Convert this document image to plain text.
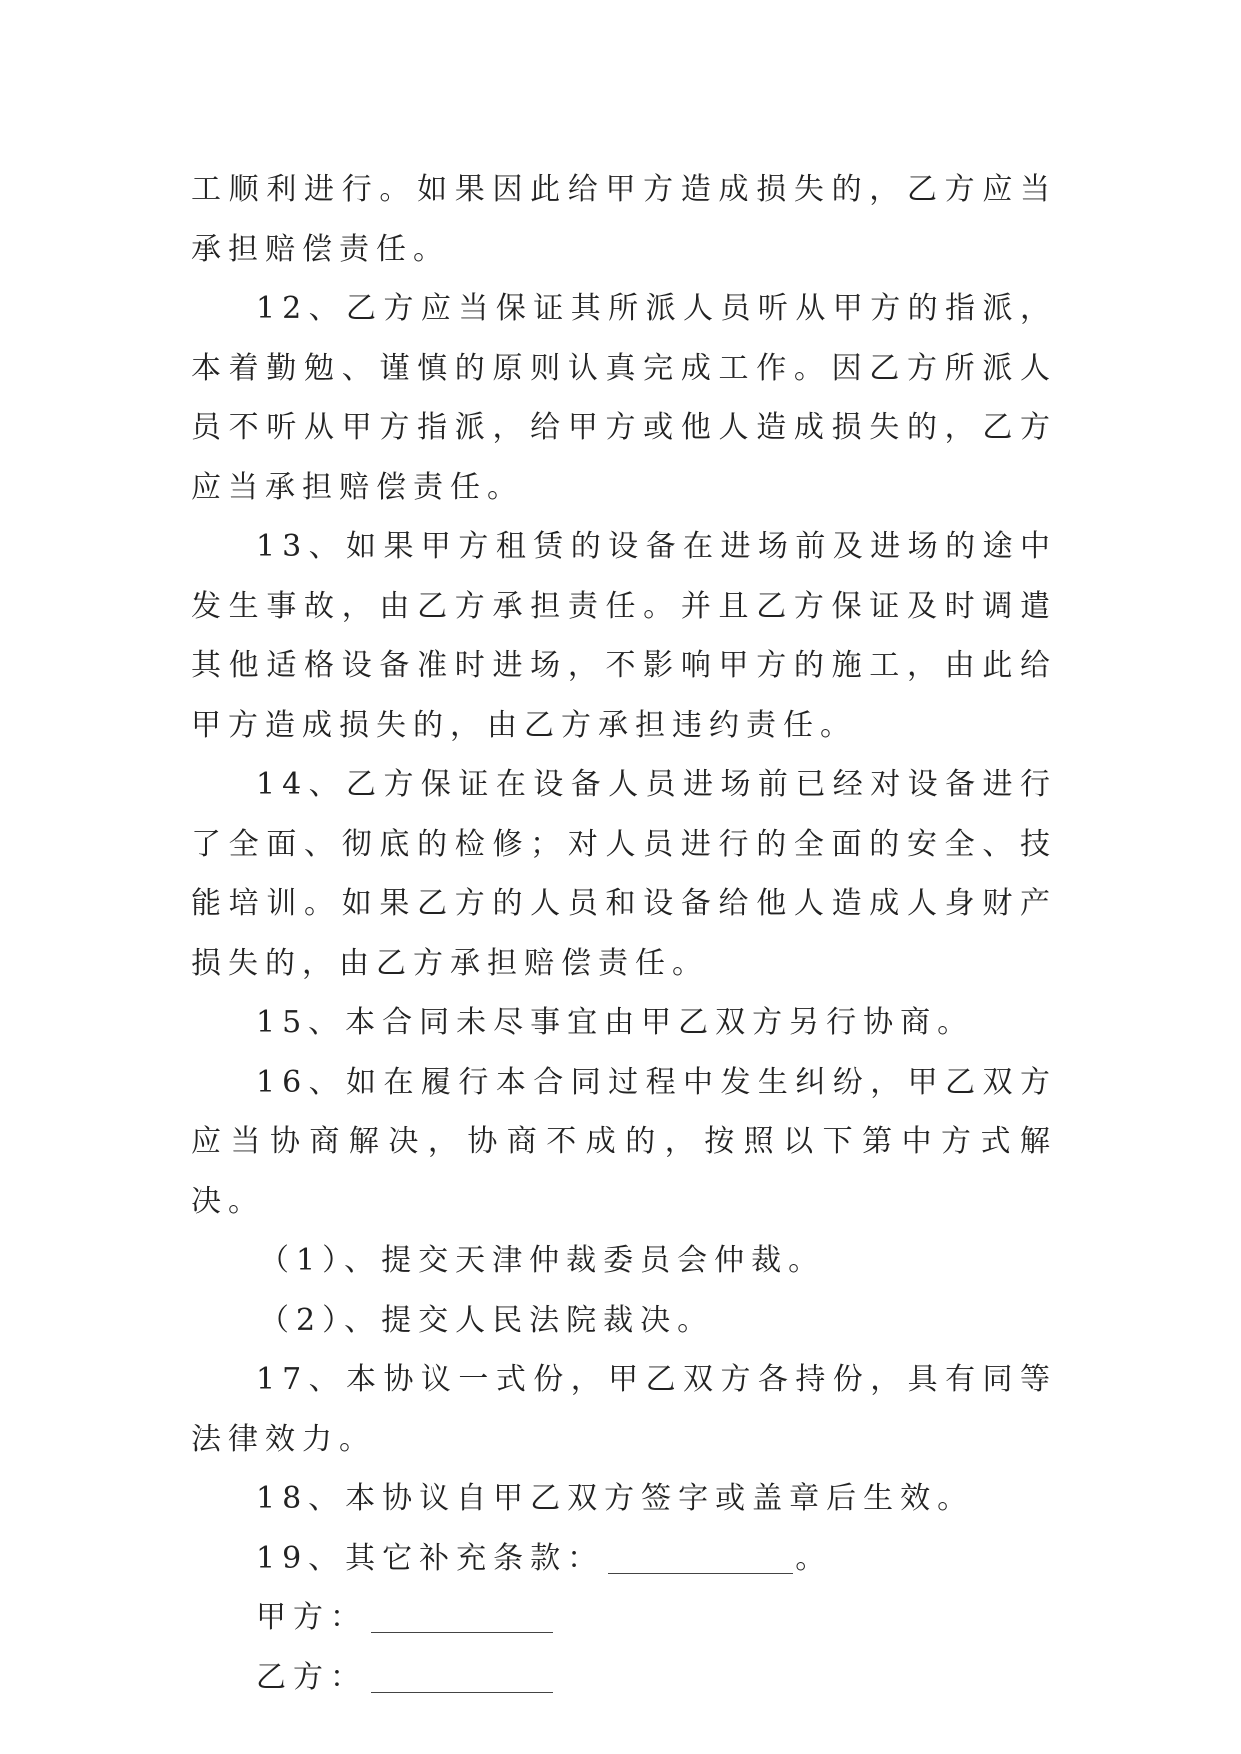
工顺利进行。如果因此给甲方造成损失的，乙方应当承担赔偿责任。

12、乙方应当保证其所派人员听从甲方的指派，本着勤勉、谨慎的原则认真完成工作。因乙方所派人员不听从甲方指派，给甲方或他人造成损失的，乙方应当承担赔偿责任。

13、如果甲方租赁的设备在进场前及进场的途中发生事故，由乙方承担责任。并且乙方保证及时调遣其他适格设备准时进场，不影响甲方的施工，由此给甲方造成损失的，由乙方承担违约责任。

14、乙方保证在设备人员进场前已经对设备进行了全面、彻底的检修；对人员进行的全面的安全、技能培训。如果乙方的人员和设备给他人造成人身财产损失的，由乙方承担赔偿责任。

15、本合同未尽事宜由甲乙双方另行协商。

16、如在履行本合同过程中发生纠纷，甲乙双方应当协商解决，协商不成的，按照以下第中方式解决。

（1）、提交天津仲裁委员会仲裁。

（2）、提交人民法院裁决。

17、本协议一式份，甲乙双方各持份，具有同等法律效力。

18、本协议自甲乙双方签字或盖章后生效。

19、其它补充条款：	。

甲方：

乙方：
